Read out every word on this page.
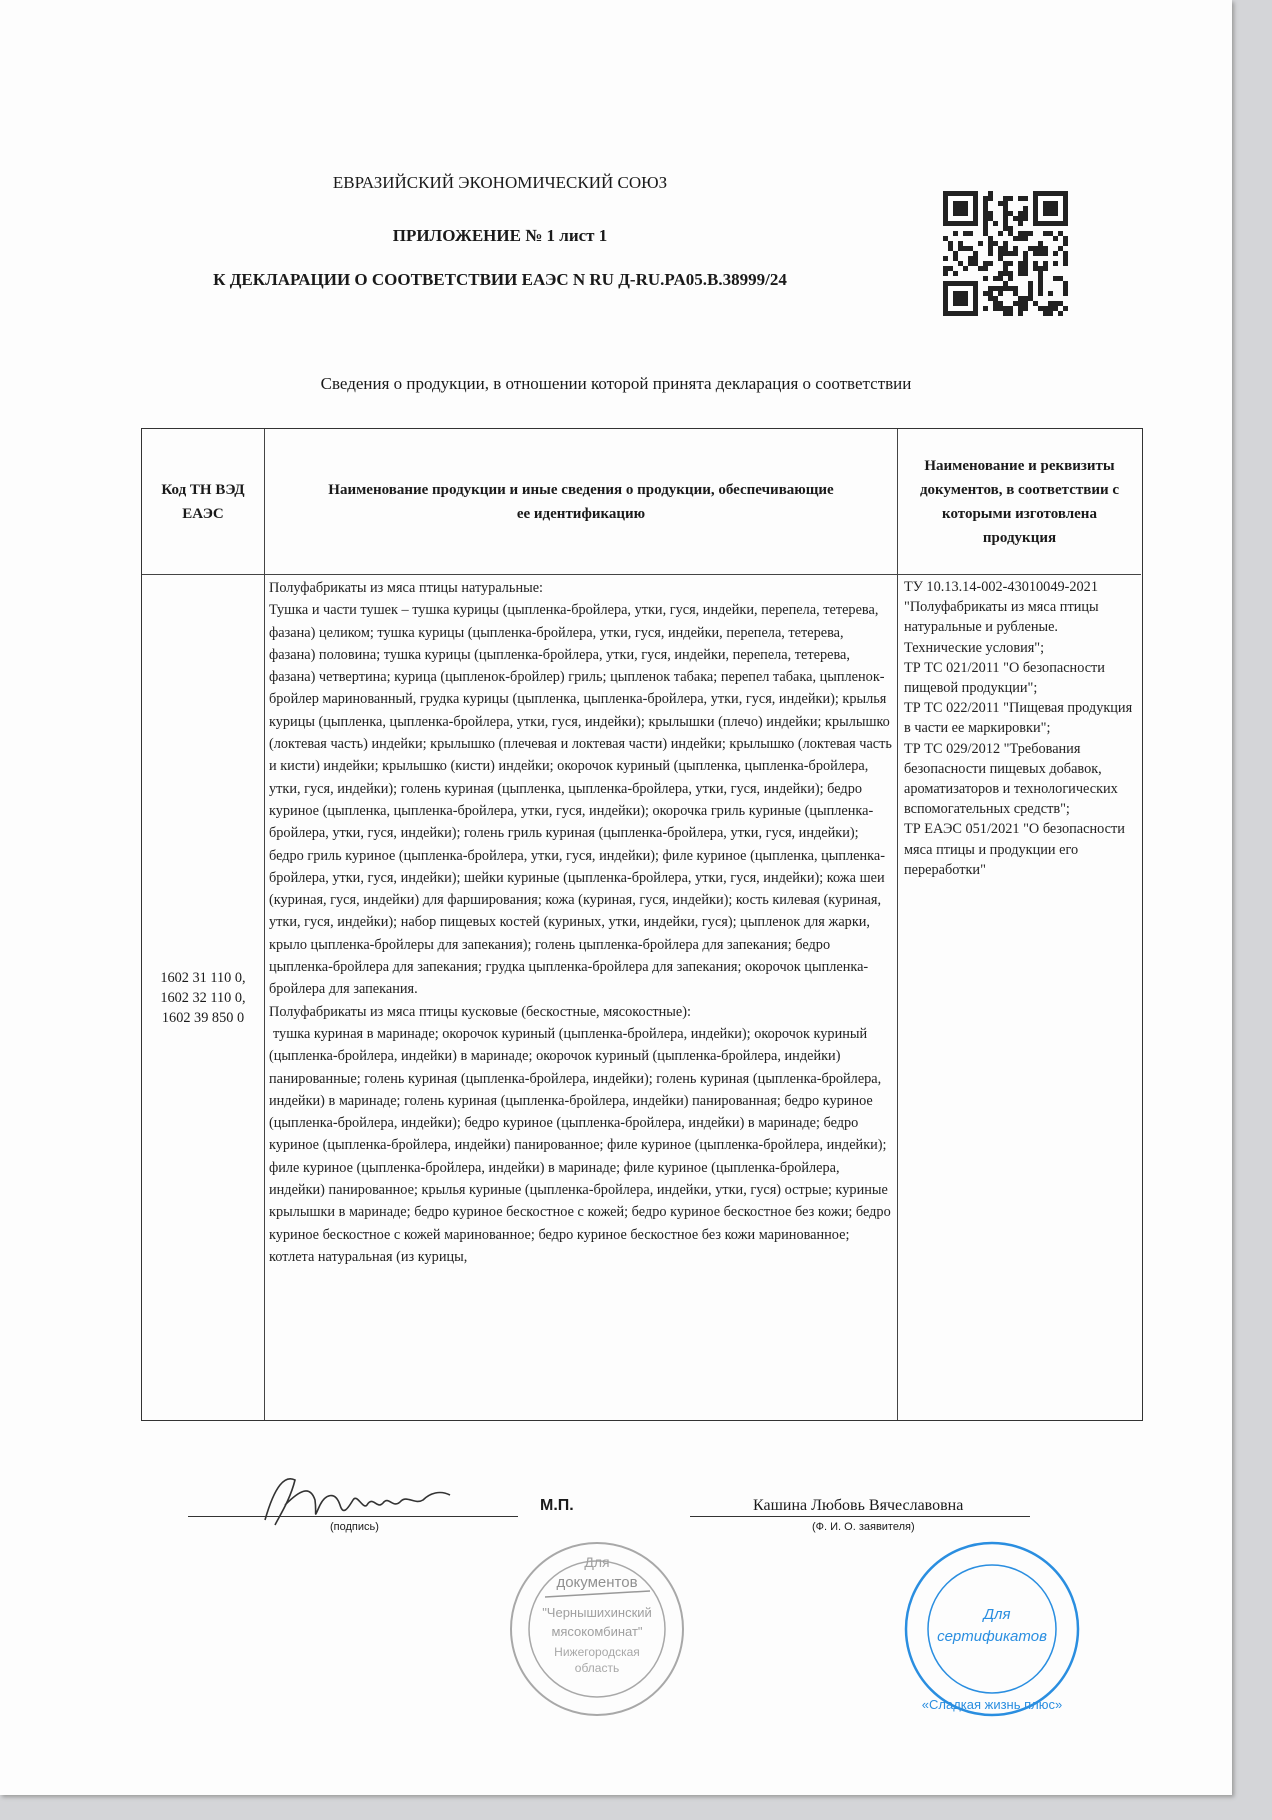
ЕВРАЗИЙСКИЙ ЭКОНОМИЧЕСКИЙ СОЮЗ
ПРИЛОЖЕНИЕ № 1 лист 1
К ДЕКЛАРАЦИИ О СООТВЕТСТВИИ ЕАЭС N RU Д-RU.PA05.B.38999/24
Сведения о продукции, в отношении которой принята декларация о соответствии
Код ТН ВЭД ЕАЭС
Наименование продукции и иные сведения о продукции, обеспечивающие ее идентификацию
Наименование и реквизиты документов, в соответствии с которыми изготовлена продукция
1602 31 110 0,
1602 32 110 0,
1602 39 850 0

Полуфабрикаты из мяса птицы натуральные:

Тушка и части тушек – тушка курицы (цыпленка-бройлера, утки, гуся, индейки, перепела, тетерева, фазана) целиком; тушка курицы (цыпленка-бройлера, утки, гуся, индейки, перепела, тетерева, фазана) половина; тушка курицы (цыпленка-бройлера, утки, гуся, индейки, перепела, тетерева, фазана) четвертина; курица (цыпленок-бройлер) гриль; цыпленок табака; перепел табака, цыпленок-бройлер маринованный, грудка курицы (цыпленка, цыпленка-бройлера, утки, гуся, индейки); крылья курицы (цыпленка, цыпленка-бройлера, утки, гуся, индейки); крылышки (плечо) индейки; крылышко (локтевая часть) индейки; крылышко (плечевая и локтевая части) индейки; крылышко (локтевая часть и кисти) индейки; крылышко (кисти) индейки; окорочок куриный (цыпленка, цыпленка-бройлера, утки, гуся, индейки); голень куриная (цыпленка, цыпленка-бройлера, утки, гуся, индейки); бедро куриное (цыпленка, цыпленка-бройлера, утки, гуся, индейки); окорочка гриль куриные (цыпленка-бройлера, утки, гуся, индейки); голень гриль куриная (цыпленка-бройлера, утки, гуся, индейки); бедро гриль куриное (цыпленка-бройлера, утки, гуся, индейки); филе куриное (цыпленка, цыпленка-бройлера, утки, гуся, индейки); шейки куриные (цыпленка-бройлера, утки, гуся, индейки); кожа шеи (куриная, гуся, индейки) для фарширования; кожа (куриная, гуся, индейки); кость килевая (куриная, утки, гуся, индейки); набор пищевых костей (куриных, утки, индейки, гуся); цыпленок для жарки, крыло цыпленка-бройлеры для запекания); голень цыпленка-бройлера для запекания; бедро цыпленка-бройлера для запекания; грудка цыпленка-бройлера для запекания; окорочок цыпленка-бройлера для запекания.

Полуфабрикаты из мяса птицы кусковые (бескостные, мясокостные):

тушка куриная в маринаде; окорочок куриный (цыпленка-бройлера, индейки); окорочок куриный (цыпленка-бройлера, индейки) в маринаде; окорочок куриный (цыпленка-бройлера, индейки) панированные; голень куриная (цыпленка-бройлера, индейки); голень куриная (цыпленка-бройлера, индейки) в маринаде; голень куриная (цыпленка-бройлера, индейки) панированная; бедро куриное (цыпленка-бройлера, индейки); бедро куриное (цыпленка-бройлера, индейки) в маринаде; бедро куриное (цыпленка-бройлера, индейки) панированное; филе куриное (цыпленка-бройлера, индейки); филе куриное (цыпленка-бройлера, индейки) в маринаде; филе куриное (цыпленка-бройлера, индейки) панированное; крылья куриные (цыпленка-бройлера, индейки, утки, гуся) острые; куриные крылышки в маринаде; бедро куриное бескостное с кожей; бедро куриное бескостное без кожи; бедро куриное бескостное с кожей маринованное; бедро куриное бескостное без кожи маринованное; котлета натуральная (из курицы,

ТУ 10.13.14-002-43010049-2021 "Полуфабрикаты из мяса птицы натуральные и рубленые. Технические условия";
ТР ТС 021/2011 "О безопасности пищевой продукции";
ТР ТС 022/2011 "Пищевая продукция в части ее маркировки";
ТР ТС 029/2012 "Требования безопасности пищевых добавок, ароматизаторов и технологических вспомогательных средств";
ТР ЕАЭС 051/2021 "О безопасности мяса птицы и продукции его переработки"
М.П.
(подпись)
Кашина Любовь Вячеславовна
(Ф. И. О. заявителя)
Для
документов
"Чернышихинский
мясокомбинат"
Нижегородская
область
Для
сертификатов
«Сладкая жизнь плюс»
